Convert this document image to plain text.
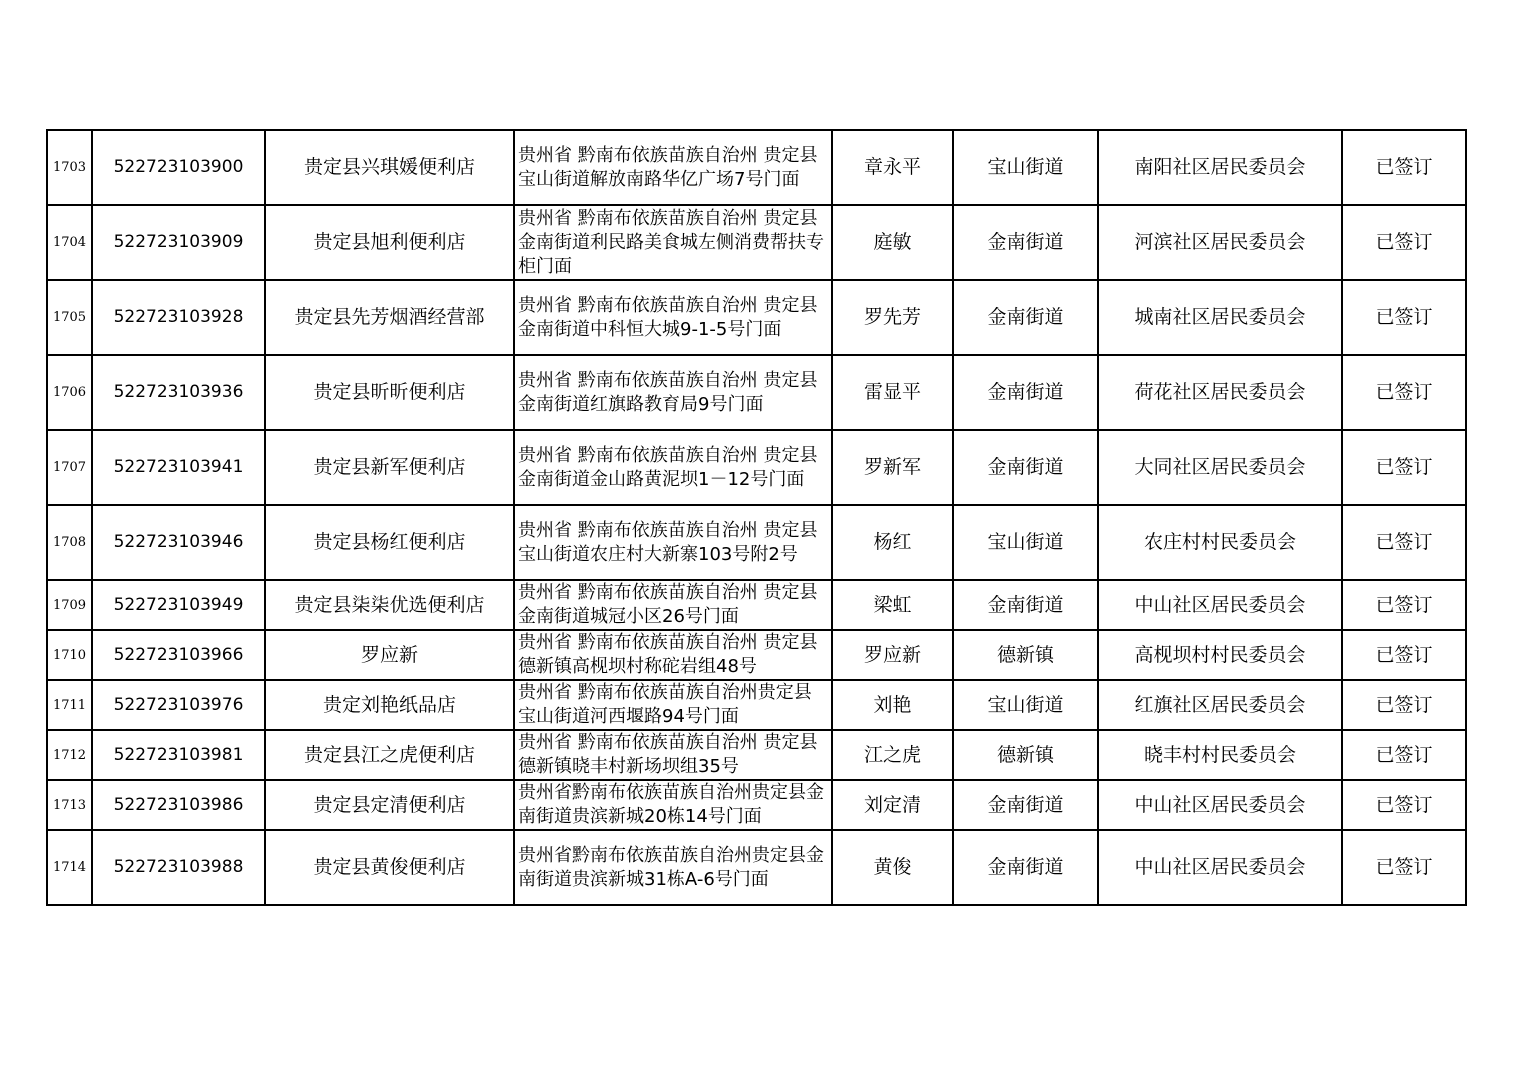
1703	522723103900	贵定县兴琪媛便利店	贵州省 黔南布依族苗族自治州 贵定县宝山街道解放南路华亿广场7号门面	章永平	宝山街道	南阳社区居民委员会	已签订
1704	522723103909	贵定县旭利便利店	贵州省 黔南布依族苗族自治州 贵定县金南街道利民路美食城左侧消费帮扶专柜门面	庭敏	金南街道	河滨社区居民委员会	已签订
1705	522723103928	贵定县先芳烟酒经营部	贵州省 黔南布依族苗族自治州 贵定县 金南街道中科恒大城9-1-5号门面	罗先芳	金南街道	城南社区居民委员会	已签订
1706	522723103936	贵定县昕昕便利店	贵州省 黔南布依族苗族自治州 贵定县金南街道红旗路教育局9号门面	雷显平	金南街道	荷花社区居民委员会	已签订
1707	522723103941	贵定县新军便利店	贵州省 黔南布依族苗族自治州 贵定县金南街道金山路黄泥坝1－12号门面	罗新军	金南街道	大同社区居民委员会	已签订
1708	522723103946	贵定县杨红便利店	贵州省 黔南布依族苗族自治州 贵定县宝山街道农庄村大新寨103号附2号	杨红	宝山街道	农庄村村民委员会	已签订
1709	522723103949	贵定县柒柒优选便利店	贵州省 黔南布依族苗族自治州 贵定县金南街道城冠小区26号门面	梁虹	金南街道	中山社区居民委员会	已签订
1710	522723103966	罗应新	贵州省 黔南布依族苗族自治州 贵定县德新镇高枧坝村称砣岩组48号	罗应新	德新镇	高枧坝村村民委员会	已签订
1711	522723103976	贵定刘艳纸品店	贵州省 黔南布依族苗族自治州贵定县宝山街道河西堰路94号门面	刘艳	宝山街道	红旗社区居民委员会	已签订
1712	522723103981	贵定县江之虎便利店	贵州省 黔南布依族苗族自治州 贵定县德新镇晓丰村新场坝组35号	江之虎	德新镇	晓丰村村民委员会	已签订
1713	522723103986	贵定县定清便利店	贵州省黔南布依族苗族自治州贵定县金南街道贵滨新城20栋14号门面	刘定清	金南街道	中山社区居民委员会	已签订
1714	522723103988	贵定县黄俊便利店	贵州省黔南布依族苗族自治州贵定县金南街道贵滨新城31栋A-6号门面	黄俊	金南街道	中山社区居民委员会	已签订
